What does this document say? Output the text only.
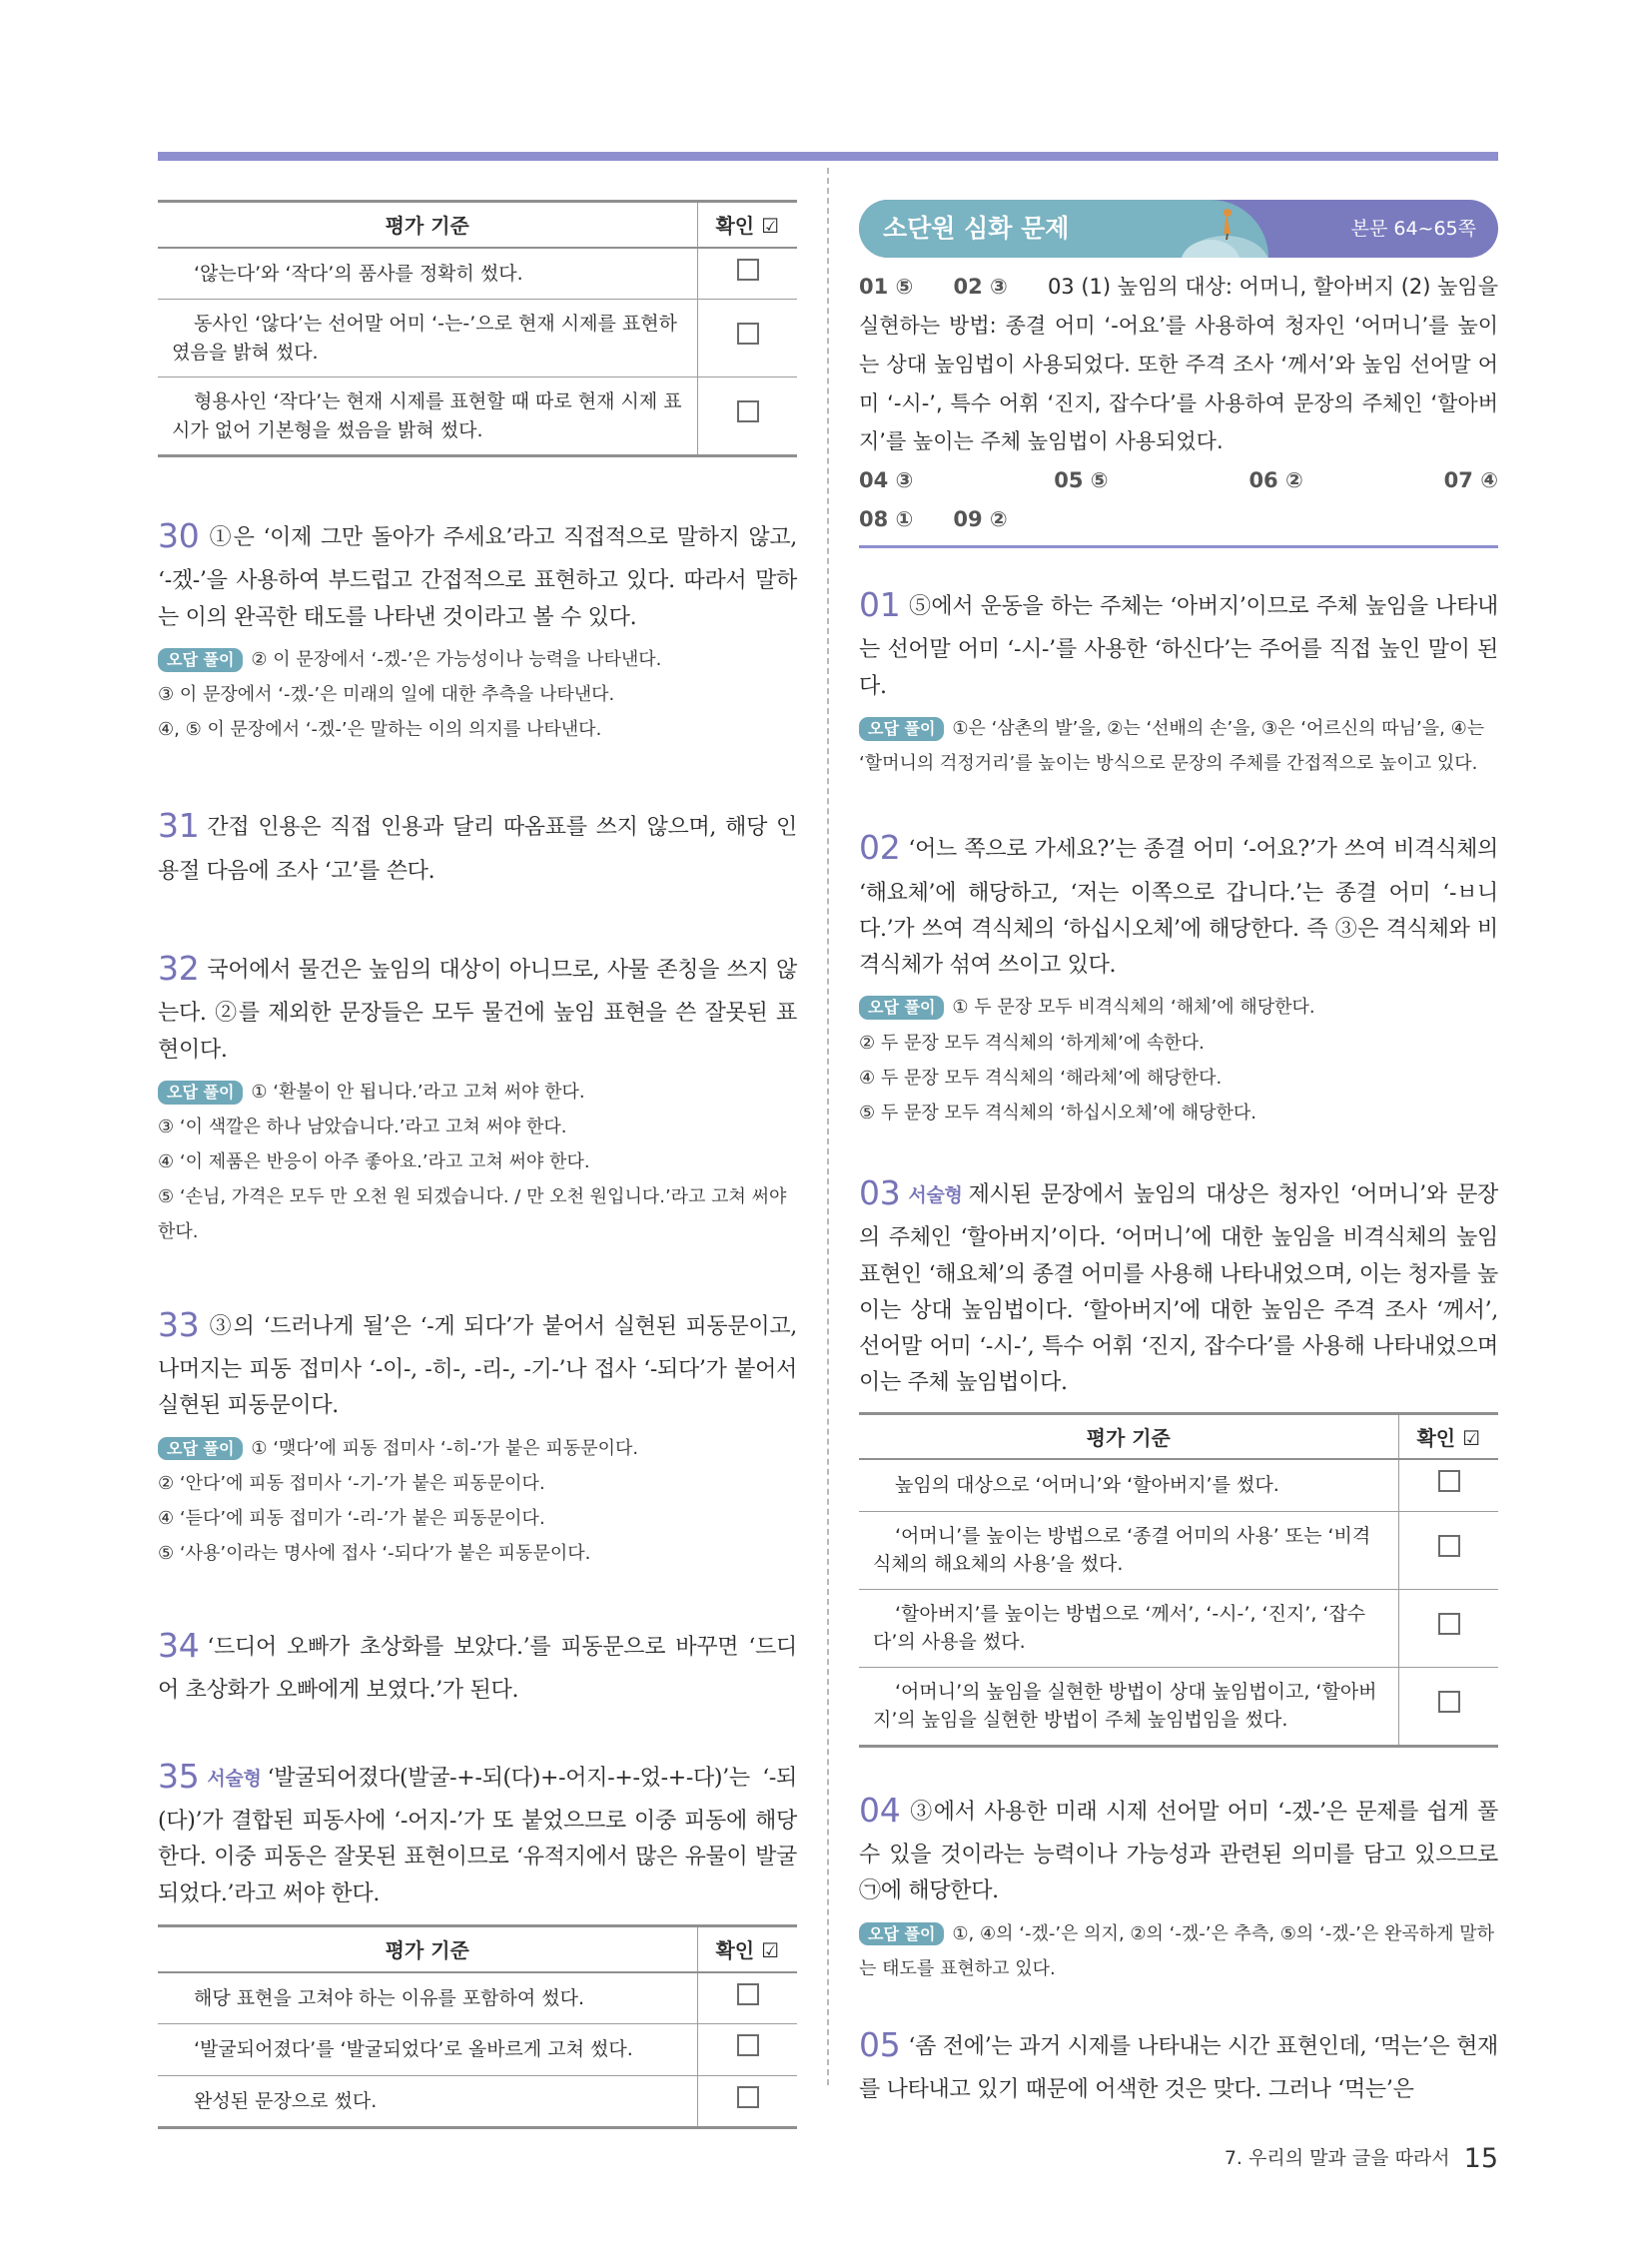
평가 기준	확인 ☑
‘않는다’와 ‘작다’의 품사를 정확히 썼다.	
동사인 ‘않다’는 선어말 어미 ‘-는-’으로 현재 시제를 표현하였음을 밝혀 썼다.	
형용사인 ‘작다’는 현재 시제를 표현할 때 따로 현재 시제 표시가 없어 기본형을 썼음을 밝혀 썼다.	

30 ①은 ‘이제 그만 돌아가 주세요’라고 직접적으로 말하지 않고, ‘-겠-’을 사용하여 부드럽고 간접적으로 표현하고 있다. 따라서 말하는 이의 완곡한 태도를 나타낸 것이라고 볼 수 있다.

오답 풀이 ② 이 문장에서 ‘-겠-’은 가능성이나 능력을 나타낸다.
③ 이 문장에서 ‘-겠-’은 미래의 일에 대한 추측을 나타낸다.
④, ⑤ 이 문장에서 ‘-겠-’은 말하는 이의 의지를 나타낸다.

31 간접 인용은 직접 인용과 달리 따옴표를 쓰지 않으며, 해당 인용절 다음에 조사 ‘고’를 쓴다.

32 국어에서 물건은 높임의 대상이 아니므로, 사물 존칭을 쓰지 않는다. ②를 제외한 문장들은 모두 물건에 높임 표현을 쓴 잘못된 표현이다.

오답 풀이 ① ‘환불이 안 됩니다.’라고 고쳐 써야 한다.
③ ‘이 색깔은 하나 남았습니다.’라고 고쳐 써야 한다.
④ ‘이 제품은 반응이 아주 좋아요.’라고 고쳐 써야 한다.
⑤ ‘손님, 가격은 모두 만 오천 원 되겠습니다. / 만 오천 원입니다.’라고 고쳐 써야 한다.

33 ③의 ‘드러나게 될’은 ‘-게 되다’가 붙어서 실현된 피동문이고, 나머지는 피동 접미사 ‘-이-, -히-, -리-, -기-’나 접사 ‘-되다’가 붙어서 실현된 피동문이다.

오답 풀이 ① ‘맺다’에 피동 접미사 ‘-히-’가 붙은 피동문이다.
② ‘안다’에 피동 접미사 ‘-기-’가 붙은 피동문이다.
④ ‘듣다’에 피동 접미가 ‘-리-’가 붙은 피동문이다.
⑤ ‘사용’이라는 명사에 접사 ‘-되다’가 붙은 피동문이다.

34 ‘드디어 오빠가 초상화를 보았다.’를 피동문으로 바꾸면 ‘드디어 초상화가 오빠에게 보였다.’가 된다.

35 서술형 ‘발굴되어졌다(발굴-+-되(다)+-어지-+-었-+-다)’는 ‘-되(다)’가 결합된 피동사에 ‘-어지-’가 또 붙었으므로 이중 피동에 해당한다. 이중 피동은 잘못된 표현이므로 ‘유적지에서 많은 유물이 발굴되었다.’라고 써야 한다.

평가 기준	확인 ☑
해당 표현을 고쳐야 하는 이유를 포함하여 썼다.	
‘발굴되어졌다’를 ‘발굴되었다’로 올바르게 고쳐 썼다.	
완성된 문장으로 썼다.	
소단원 심화 문제	본문 64~65쪽

01 ⑤ 02 ③ 03 (1) 높임의 대상: 어머니, 할아버지 (2) 높임을 실현하는 방법: 종결 어미 ‘-어요’를 사용하여 청자인 ‘어머니’를 높이는 상대 높임법이 사용되었다. 또한 주격 조사 ‘께서’와 높임 선어말 어미 ‘-시-’, 특수 어휘 ‘진지, 잡수다’를 사용하여 문장의 주체인 ‘할아버지’를 높이는 주체 높임법이 사용되었다.

04 ③	05 ⑤	06 ②	07 ④

08 ① 09 ②

01 ⑤에서 운동을 하는 주체는 ‘아버지’이므로 주체 높임을 나타내는 선어말 어미 ‘-시-’를 사용한 ‘하신다’는 주어를 직접 높인 말이 된다.

오답 풀이 ①은 ‘삼촌의 발’을, ②는 ‘선배의 손’을, ③은 ‘어르신의 따님’을, ④는 ‘할머니의 걱정거리’를 높이는 방식으로 문장의 주체를 간접적으로 높이고 있다.

02 ‘어느 쪽으로 가세요?’는 종결 어미 ‘-어요?’가 쓰여 비격식체의 ‘해요체’에 해당하고, ‘저는 이쪽으로 갑니다.’는 종결 어미 ‘-ㅂ니다.’가 쓰여 격식체의 ‘하십시오체’에 해당한다. 즉 ③은 격식체와 비격식체가 섞여 쓰이고 있다.

오답 풀이 ① 두 문장 모두 비격식체의 ‘해체’에 해당한다.
② 두 문장 모두 격식체의 ‘하게체’에 속한다.
④ 두 문장 모두 격식체의 ‘해라체’에 해당한다.
⑤ 두 문장 모두 격식체의 ‘하십시오체’에 해당한다.

03 서술형 제시된 문장에서 높임의 대상은 청자인 ‘어머니’와 문장의 주체인 ‘할아버지’이다. ‘어머니’에 대한 높임을 비격식체의 높임 표현인 ‘해요체’의 종결 어미를 사용해 나타내었으며, 이는 청자를 높이는 상대 높임법이다. ‘할아버지’에 대한 높임은 주격 조사 ‘께서’, 선어말 어미 ‘-시-’, 특수 어휘 ‘진지, 잡수다’를 사용해 나타내었으며 이는 주체 높임법이다.

평가 기준	확인 ☑
높임의 대상으로 ‘어머니’와 ‘할아버지’를 썼다.	
‘어머니’를 높이는 방법으로 ‘종결 어미의 사용’ 또는 ‘비격식체의 해요체의 사용’을 썼다.	
‘할아버지’를 높이는 방법으로 ‘께서’, ‘-시-’, ‘진지’, ‘잡수다’의 사용을 썼다.	
‘어머니’의 높임을 실현한 방법이 상대 높임법이고, ‘할아버지’의 높임을 실현한 방법이 주체 높임법임을 썼다.	

04 ③에서 사용한 미래 시제 선어말 어미 ‘-겠-’은 문제를 쉽게 풀 수 있을 것이라는 능력이나 가능성과 관련된 의미를 담고 있으므로 ㉠에 해당한다.

오답 풀이 ①, ④의 ‘-겠-’은 의지, ②의 ‘-겠-’은 추측, ⑤의 ‘-겠-’은 완곡하게 말하는 태도를 표현하고 있다.

05 ‘좀 전에’는 과거 시제를 나타내는 시간 표현인데, ‘먹는’은 현재를 나타내고 있기 때문에 어색한 것은 맞다. 그러나 ‘먹는’은

7. 우리의 말과 글을 따라서 15
